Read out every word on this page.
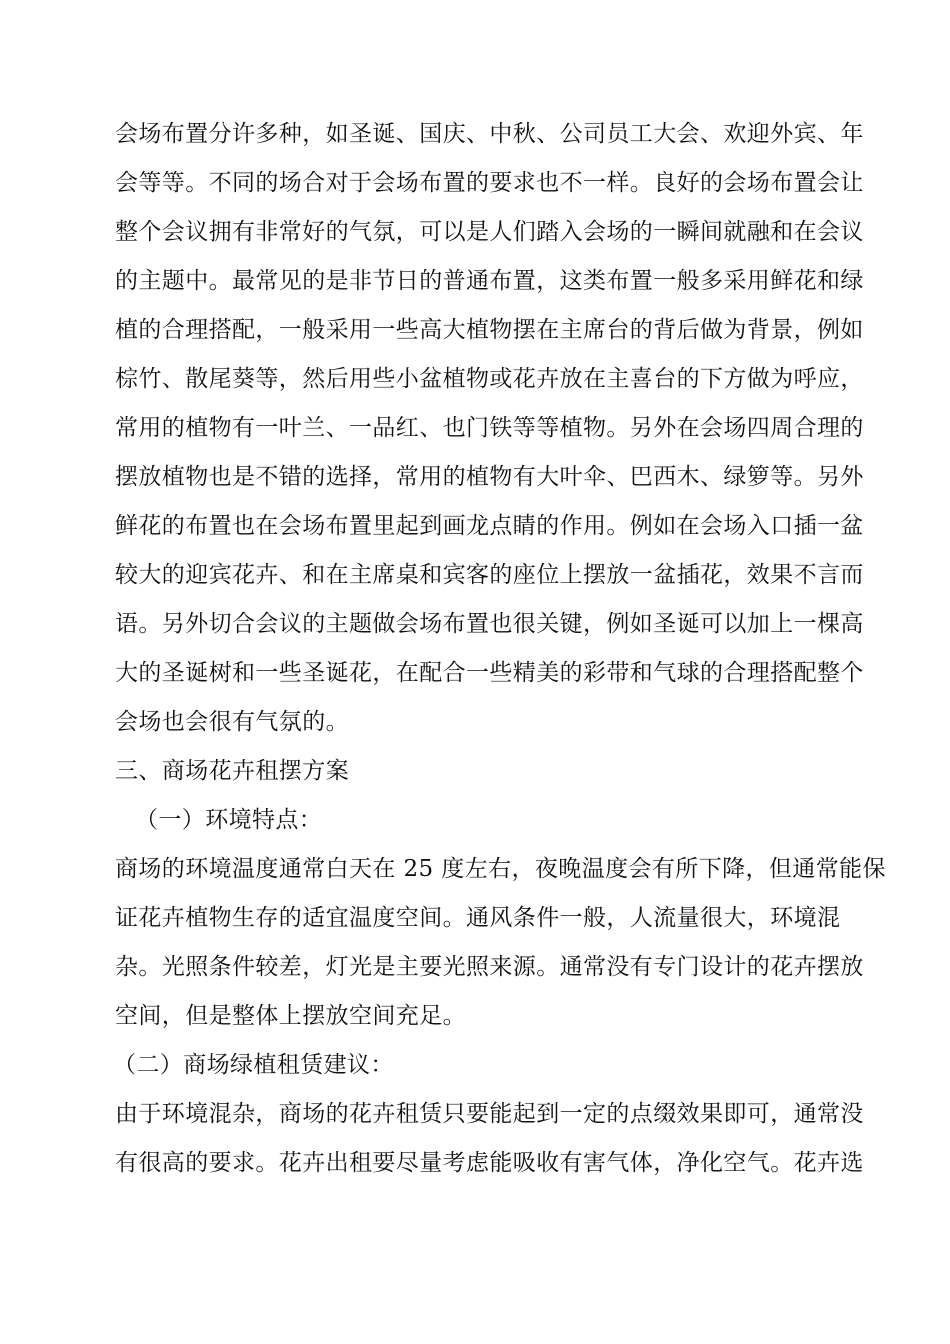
会场布置分许多种，如圣诞、国庆、中秋、公司员工大会、欢迎外宾、年
会等等。不同的场合对于会场布置的要求也不一样。良好的会场布置会让
整个会议拥有非常好的气氛，可以是人们踏入会场的一瞬间就融和在会议
的主题中。最常见的是非节日的普通布置，这类布置一般多采用鲜花和绿
植的合理搭配，一般采用一些高大植物摆在主席台的背后做为背景，例如
棕竹、散尾葵等，然后用些小盆植物或花卉放在主喜台的下方做为呼应，
常用的植物有一叶兰、一品红、也门铁等等植物。另外在会场四周合理的
摆放植物也是不错的选择，常用的植物有大叶伞、巴西木、绿箩等。另外
鲜花的布置也在会场布置里起到画龙点睛的作用。例如在会场入口插一盆
较大的迎宾花卉、和在主席桌和宾客的座位上摆放一盆插花，效果不言而
语。另外切合会议的主题做会场布置也很关键，例如圣诞可以加上一棵高
大的圣诞树和一些圣诞花，在配合一些精美的彩带和气球的合理搭配整个
会场也会很有气氛的。
三、商场花卉租摆方案
（一）环境特点：
商场的环境温度通常白天在 25 度左右，夜晚温度会有所下降，但通常能保
证花卉植物生存的适宜温度空间。通风条件一般，人流量很大，环境混
杂。光照条件较差，灯光是主要光照来源。通常没有专门设计的花卉摆放
空间，但是整体上摆放空间充足。
（二）商场绿植租赁建议：
由于环境混杂，商场的花卉租赁只要能起到一定的点缀效果即可，通常没
有很高的要求。花卉出租要尽量考虑能吸收有害气体，净化空气。花卉选
